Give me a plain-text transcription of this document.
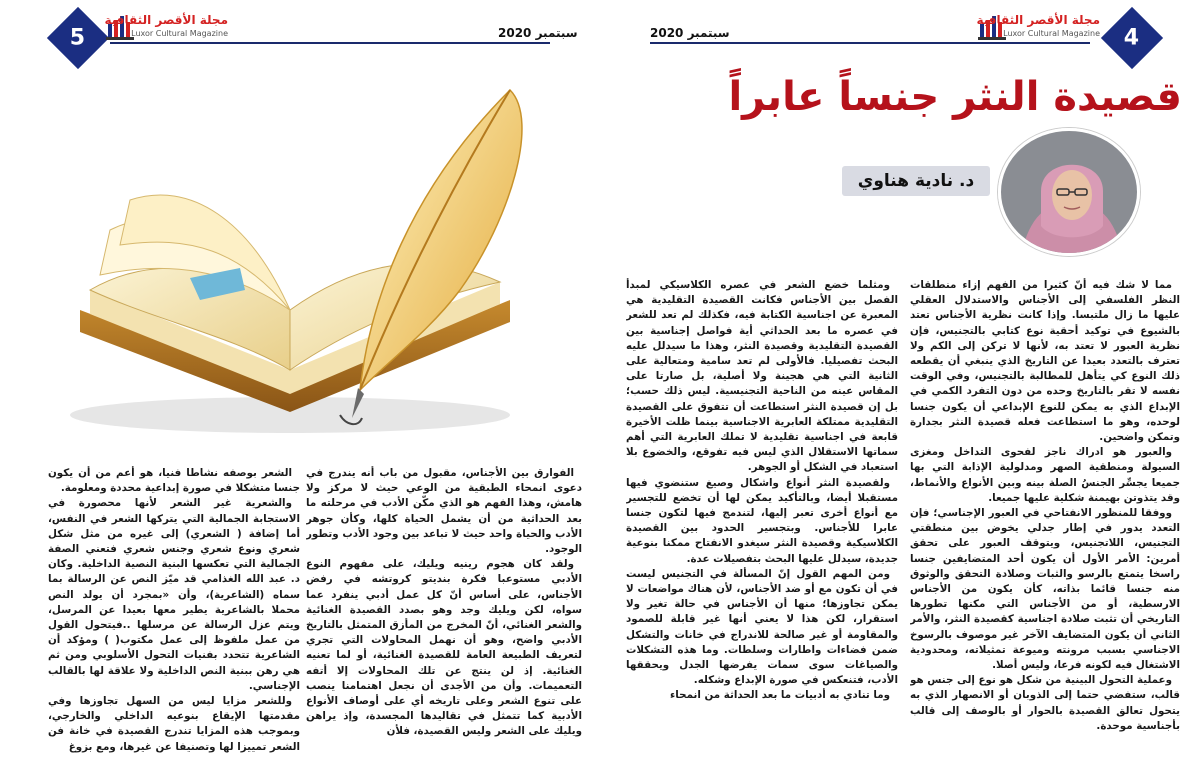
5
مجلة الأقصر الثقافية
Luxor Cultural Magazine	سبتمبر 2020

الفوارق بين الأجناس، مقبول من باب أنه يندرج في دعوى انمحاء الطبقية من الوعي حيث لا مركز ولا هامش، وهذا الفهم هو الذي مكّن الأدب في مرحلته ما بعد الحداثية من أن يشمل الحياة كلها، وكأن جوهر الأدب والحياة واحد حيث لا تباعد بين وجود الأدب وتطور الوجود.

ولقد كان هجوم رينيه ويليك، على مفهوم النوع الأدبي مستوعبا فكرة بنديتو كروتشه في رفض الأجناس، على أساس أنّ كل عمل أدبي ينفرد عما سواه، لكن ويليك وجد وهو بصدد القصيدة الغنائية والشعر الغنائي، أنّ المخرج من المأزق المتمثل بالتاريخ الأدبي واضح، وهو أن نهمل المحاولات التي تجري لتعريف الطبيعة العامة للقصيدة الغنائية، أو لما تعنيه الغنائية. إذ لن ينتج عن تلك المحاولات إلا أتفه التعميمات. وأن من الأجدى أن نجعل اهتمامنا ينصب على تنوع الشعر وعلى تاريخه أي على أوصاف الأنواع الأدبية كما تتمثل في تقاليدها المجسدة، وإذ يراهن ويليك على الشعر وليس القصيدة، فلأن

الشعر بوصفه نشاطا فنيا، هو أعم من أن يكون جنسا متشكلا في صورة إبداعية محددة ومعلومة.

والشعرية غير الشعر لأنها محصورة في الاستجابة الجمالية التي يتركها الشعر في النفس، أما إضافة ( الشعري) إلى غيره من مثل شكل شعري ونوع شعري وجنس شعري فتعني الصفة الجمالية التي تعكسها البنية النصية الداخلية. وكان د. عبد الله الغذامي قد ميّز النص عن الرسالة بما سماه (الشاعرية)، وأن «بمجرد أن يولد النص محملا بالشاعرية يطير معها بعيدا عن المرسل، ويتم عزل الرسالة عن مرسلها ..فيتحول القول من عمل ملفوظ إلى عمل مكتوب( ) ومؤكد أن الشاعرية تتحدد بفنيات التحول الأسلوبي ومن ثم هي رهن ببنية النص الداخلية ولا علاقة لها بالقالب الإجناسي.

وللشعر مزايا ليس من السهل تجاوزها وفي مقدمتها الإيقاع بنوعيه الداخلي والخارجي، وبموجب هذه المزايا تندرج القصيدة في خانة فن الشعر تمييزا لها وتصنيفا عن غيرها، ومع بزوغ

سبتمبر 2020
مجلة الأقصر الثقافية
Luxor Cultural Magazine 4
قصيدة النثر جنساً عابراً
د. نادية هناوي

مما لا شك فيه أنّ كثيرا من الفهم إزاء منطلقات النظر الفلسفي إلى الأجناس والاستدلال العقلي عليها ما زال ملتبسا. وإذا كانت نظرية الأجناس تعتد بالشيوع في توكيد أحقية نوع كتابي بالتجنيس، فإن نظرية العبور لا تعتد به، لأنها لا تركن إلى الكم ولا تعترف بالتعدد بعيدا عن التاريخ الذي ينبغي أن يقطعه ذلك النوع كي يتأهل للمطالبة بالتجنيس، وفي الوقت نفسه لا تقر بالتاريخ وحده من دون التفرد الكمي في الإبداع الذي به يمكن للنوع الإبداعي أن يكون جنسا لوحده، وهو ما استطاعت فعله قصيدة النثر بجدارة وتمكن واضحين.

والعبور هو ادراك ناجز لفحوى التداخل ومغزى السيولة ومنطقية الصهر ومدلولية الإذابة التي بها جميعا يجسِّر الجنسُ الصلة بينه وبين الأنواع والأنماط، وقد يتذوتن بهيمنة شكلية عليها جميعا.

ووفقا للمنظور الانفتاحي في العبور الإجناسي؛ فإن التعدد يدور في إطار جدلي يخوض بين منطقتي التجنيس، اللاتجنيس، ويتوقف العبور على تحقق أمرين: الأمر الأول أن يكون أحد المتضايفين جنسا راسخا يتمتع بالرسو والثبات وصلادة التحقق والوثوق منه جنسا قائما بذاته، كأن يكون من الأجناس الارسطية، أو من الأجناس التي مكنها تطورها التاريخي أن تثبت صلادة اجناسية كقصيدة النثر، والأمر الثاني أن يكون المتضايف الآخر غير موصوف بالرسوخ الاجناسي بسبب مرونته وميوعة تمثيلاته، ومحدودية الاشتغال فيه لكونه فرعا، وليس أصلا.

وعملية التحول البينية من شكل هو نوع إلى جنس هو قالب، ستفضي حتما إلى الذوبان أو الانصهار الذي به يتحول تعالق القصيدة بالحوار أو بالوصف إلى قالب بأجناسية موحدة.

ومثلما خضع الشعر في عصره الكلاسيكي لمبدأ الفصل بين الأجناس فكانت القصيدة التقليدية هي المعبرة عن اجناسية الكتابة فيه، فكذلك لم تعد للشعر في عصره ما بعد الحداثي أية فواصل إجناسية بين القصيدة التقليدية وقصيدة النثر، وهذا ما سيدلل عليه البحث تفصيليا. فالأولى لم تعد سامية ومتعالية على الثانية التي هي هجينة ولا أصلية، بل صارتا على المقاس عينه من الناحية التجنيسية. ليس ذلك حسب؛ بل إن قصيدة النثر استطاعت أن تتفوق على القصيدة التقليدية ممتلكة العابرية الاجناسية بينما ظلت الأخيرة قابعة في اجناسية تقليدية لا تملك العابرية التي أهم سماتها الاستقلال الذي ليس فيه تفوقع، والخضوع بلا استعباد في الشكل أو الجوهر.

ولقصيدة النثر أنواع واشكال وصيغ ستنضوي فيها مستقبلا أيضا، وبالتأكيد يمكن لها أن تخضع للتجسير مع أنواع أخرى تعبر إليها، لتندمج فيها لتكون جنسا عابرا للأجناس. وبتجسير الحدود بين القصيدة الكلاسيكية وقصيدة النثر سيغدو الانفتاح ممكنا بنوعية جديدة، سيدلل عليها البحث بتفصيلات عدة.

ومن المهم القول إنّ المسألة في التجنيس ليست في أن تكون مع أو ضد الأجناس، لأن هناك مواضعات لا يمكن تجاوزها؛ منها أن الأجناس في حالة تغير ولا استقرار، لكن هذا لا يعني أنها غير قابلة للصمود والمقاومة أو غير صالحة للاندراج في خانات والتشكل ضمن فضاءات واطارات وسلطات. وما هذه التشكلات والصياغات سوى سمات يفرضها الجدل ويحققها الأدب، فتنعكس في صورة الإبداع وشكله.

وما تنادي به أدبيات ما بعد الحداثة من انمحاء
